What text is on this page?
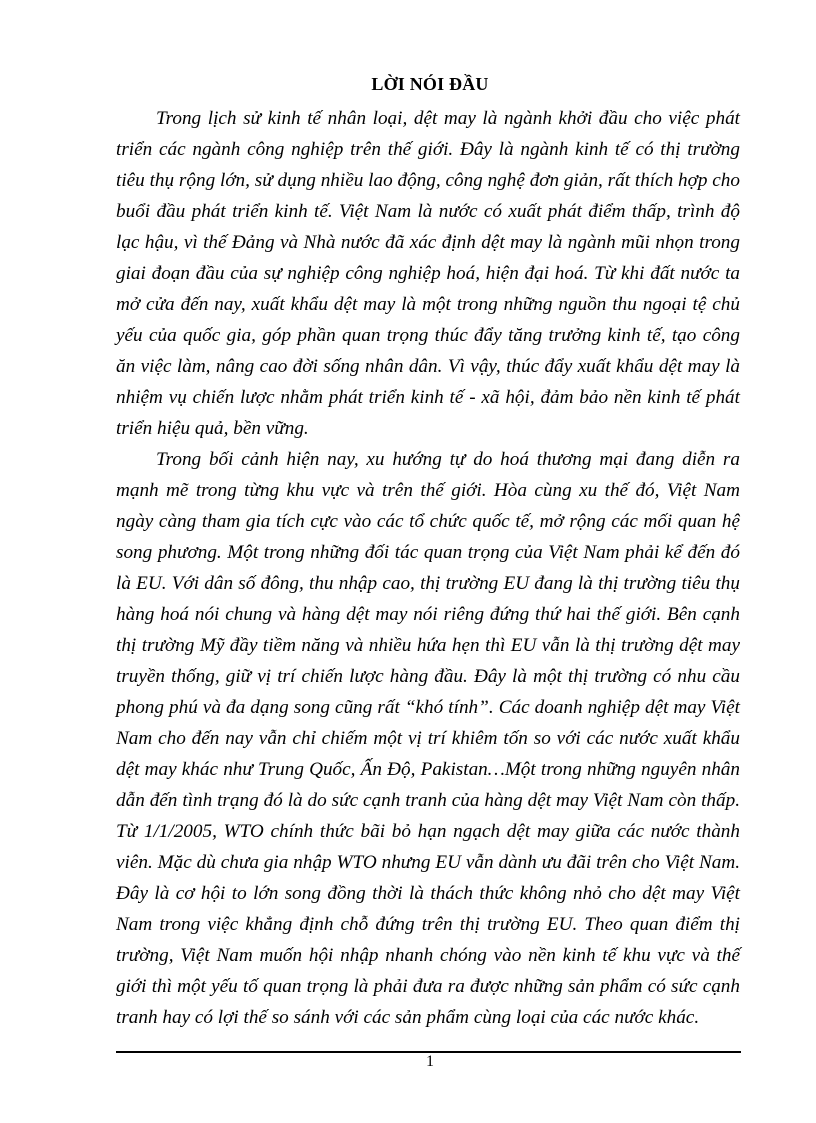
LỜI NÓI ĐẦU

Trong lịch sử kinh tế nhân loại, dệt may là ngành khởi đầu cho việc phát triển các ngành công nghiệp trên thế giới. Đây là ngành kinh tế có thị trường tiêu thụ rộng lớn, sử dụng nhiều lao động, công nghệ đơn giản, rất thích hợp cho buổi đầu phát triển kinh tế. Việt Nam là nước có xuất phát điểm thấp, trình độ lạc hậu, vì thế Đảng và Nhà nước đã xác định dệt may là ngành mũi nhọn trong giai đoạn đầu của sự nghiệp công nghiệp hoá, hiện đại hoá. Từ khi đất nước ta mở cửa đến nay, xuất khẩu dệt may là một trong những nguồn thu ngoại tệ chủ yếu của quốc gia, góp phần quan trọng thúc đẩy tăng trưởng kinh tế, tạo công ăn việc làm, nâng cao đời sống nhân dân. Vì vậy, thúc đẩy xuất khẩu dệt may là nhiệm vụ chiến lược nhằm phát triển kinh tế - xã hội, đảm bảo nền kinh tế phát triển hiệu quả, bền vững.

Trong bối cảnh hiện nay, xu hướng tự do hoá thương mại đang diễn ra mạnh mẽ trong từng khu vực và trên thế giới. Hòa cùng xu thế đó, Việt Nam ngày càng tham gia tích cực vào các tổ chức quốc tế, mở rộng các mối quan hệ song phương. Một trong những đối tác quan trọng của Việt Nam phải kể đến đó là EU. Với dân số đông, thu nhập cao, thị trường EU đang là thị trường tiêu thụ hàng hoá nói chung và hàng dệt may nói riêng đứng thứ hai thế giới. Bên cạnh thị trường Mỹ đầy tiềm năng và nhiều hứa hẹn thì EU vẫn là thị trường dệt may truyền thống, giữ vị trí chiến lược hàng đầu. Đây là một thị trường có nhu cầu phong phú và đa dạng song cũng rất “khó tính”. Các doanh nghiệp dệt may Việt Nam cho đến nay vẫn chỉ chiếm một vị trí khiêm tốn so với các nước xuất khẩu dệt may khác như Trung Quốc, Ấn Độ, Pakistan…Một trong những nguyên nhân dẫn đến tình trạng đó là do sức cạnh tranh của hàng dệt may Việt Nam còn thấp. Từ 1/1/2005, WTO chính thức bãi bỏ hạn ngạch dệt may giữa các nước thành viên. Mặc dù chưa gia nhập WTO nhưng EU vẫn dành ưu đãi trên cho Việt Nam. Đây là cơ hội to lớn song đồng thời là thách thức không nhỏ cho dệt may Việt Nam trong việc khẳng định chỗ đứng trên thị trường EU. Theo quan điểm thị trường, Việt Nam muốn hội nhập nhanh chóng vào nền kinh tế khu vực và thế giới thì một yếu tố quan trọng là phải đưa ra được những sản phẩm có sức cạnh tranh hay có lợi thế so sánh với các sản phẩm cùng loại của các nước khác.

1
